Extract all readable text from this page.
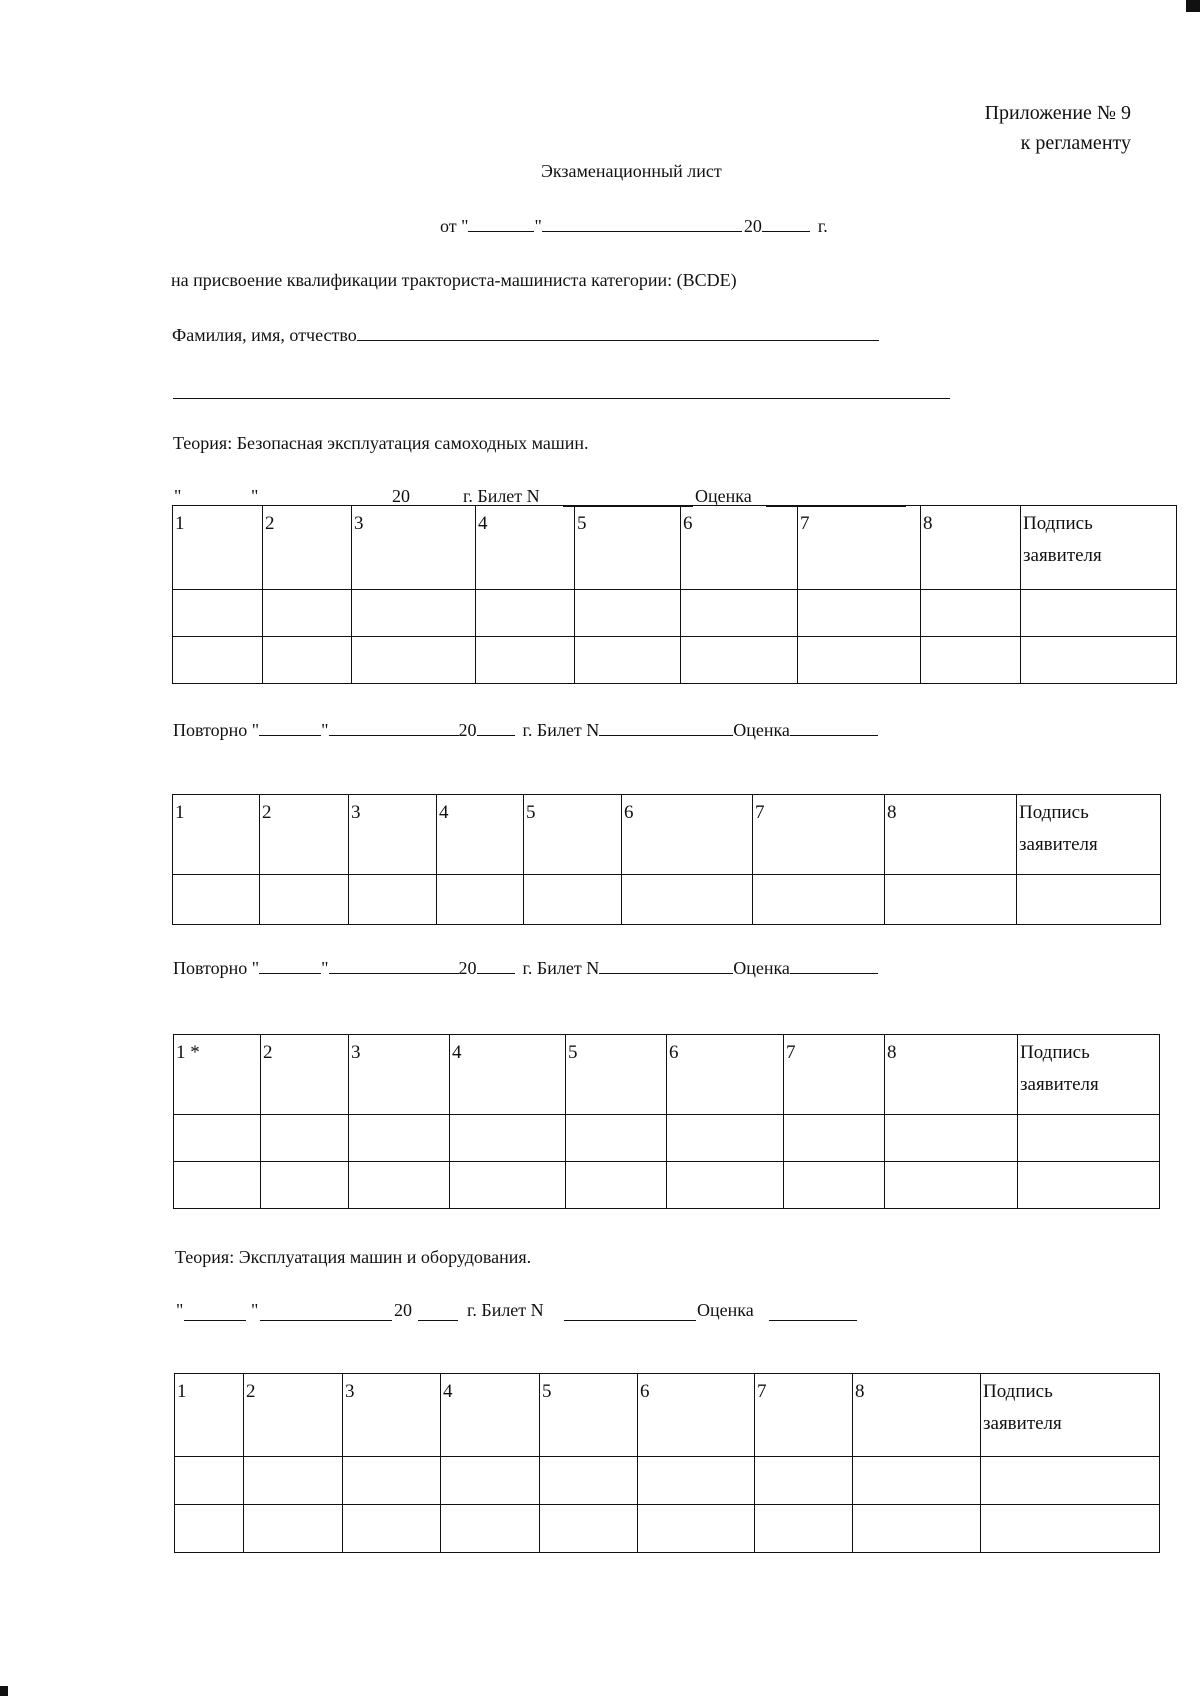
Приложение № 9
к регламенту
Экзаменационный лист
от "	"	20	г.
на присвоение квалификации тракториста-машиниста категории: (BCDE)
Фамилия, имя, отчество
Теория: Безопасная эксплуатация самоходных машин.
"	"	20	г. Билет N	Оценка
1	2	3	4	5	6	7	8	Подпись
заявителя

Повторно "	"	20	г. Билет N	Оценка
1	2	3	4	5	6	7	8	Подпись
заявителя

Повторно "	"	20	г. Билет N	Оценка
1 *	2	3	4	5	6	7	8	Подпись
заявителя

Теория: Эксплуатация машин и оборудования.
"	"	20	г. Билет N	Оценка
1	2	3	4	5	6	7	8	Подпись
заявителя
